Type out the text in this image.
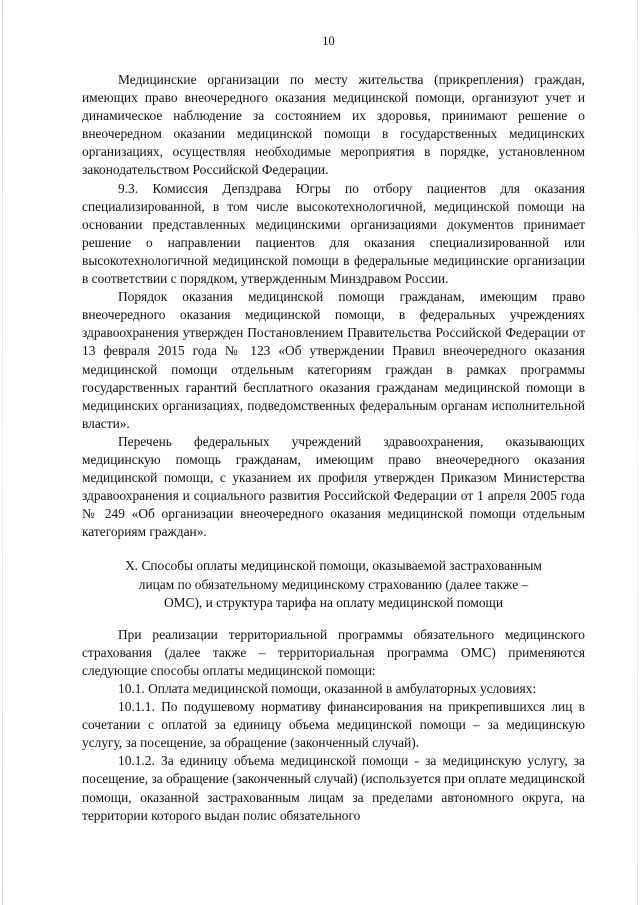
10

Медицинские организации по месту жительства (прикрепления) граждан, имеющих право внеочередного оказания медицинской помощи, организуют учет и динамическое наблюдение за состоянием их здоровья, принимают решение о внеочередном оказании медицинской помощи в государственных медицинских организациях, осуществляя необходимые мероприятия в порядке, установленном законодательством Российской Федерации.

9.3. Комиссия Депздрава Югры по отбору пациентов для оказания специализированной, в том числе высокотехнологичной, медицинской помощи на основании представленных медицинскими организациями документов принимает решение о направлении пациентов для оказания специализированной или высокотехнологичной медицинской помощи в федеральные медицинские организации в соответствии с порядком, утвержденным Минздравом России.

Порядок оказания медицинской помощи гражданам, имеющим право внеочередного оказания медицинской помощи, в федеральных учреждениях здравоохранения утвержден Постановлением Правительства Российской Федерации от 13 февраля 2015 года № 123 «Об утверждении Правил внеочередного оказания медицинской помощи отдельным категориям граждан в рамках программы государственных гарантий бесплатного оказания гражданам медицинской помощи в медицинских организациях, подведомственных федеральным органам исполнительной власти».

Перечень федеральных учреждений здравоохранения, оказывающих медицинскую помощь гражданам, имеющим право внеочередного оказания медицинской помощи, с указанием их профиля утвержден Приказом Министерства здравоохранения и социального развития Российской Федерации от 1 апреля 2005 года № 249 «Об организации внеочередного оказания медицинской помощи отдельным категориям граждан».

X. Способы оплаты медицинской помощи, оказываемой застрахованным лицам по обязательному медицинскому страхованию (далее также – ОМС), и структура тарифа на оплату медицинской помощи

При реализации территориальной программы обязательного медицинского страхования (далее также – территориальная программа ОМС) применяются следующие способы оплаты медицинской помощи:

10.1. Оплата медицинской помощи, оказанной в амбулаторных условиях:

10.1.1. По подушевому нормативу финансирования на прикрепившихся лиц в сочетании с оплатой за единицу объема медицинской помощи – за медицинскую услугу, за посещение, за обращение (законченный случай).

10.1.2. За единицу объема медицинской помощи - за медицинскую услугу, за посещение, за обращение (законченный случай) (используется при оплате медицинской помощи, оказанной застрахованным лицам за пределами автономного округа, на территории которого выдан полис обязательного
